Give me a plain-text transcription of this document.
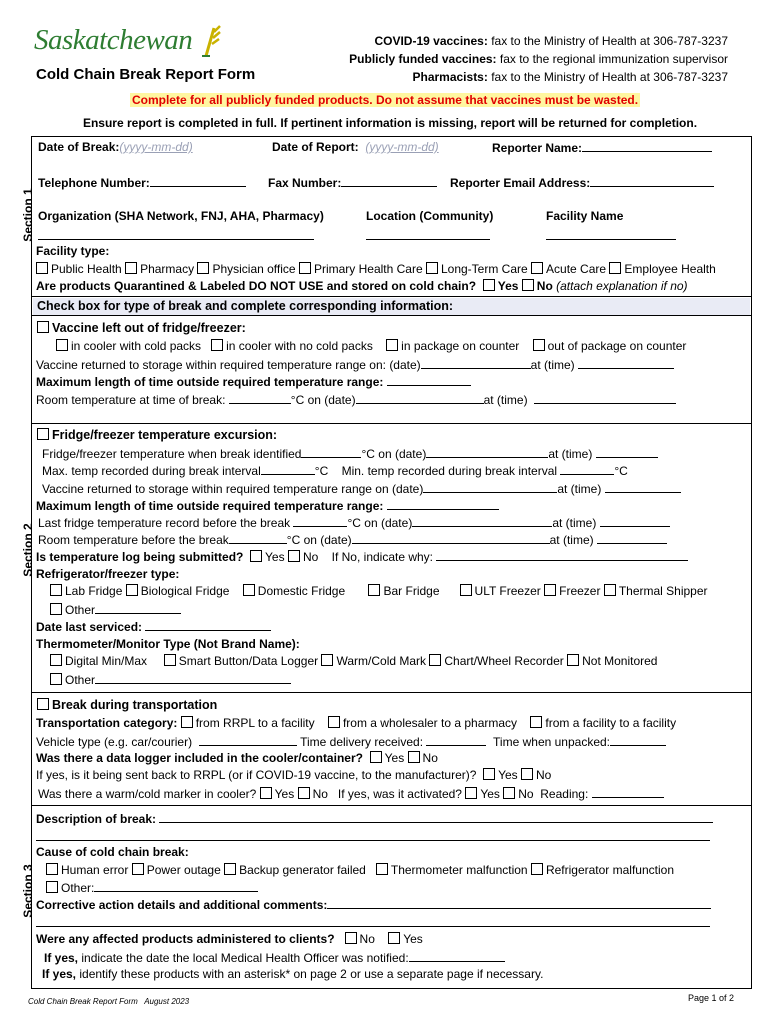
Saskatchewan
Cold Chain Break Report Form
COVID-19 vaccines: fax to the Ministry of Health at 306-787-3237
Publicly funded vaccines: fax to the regional immunization supervisor
Pharmacists: fax to the Ministry of Health at 306-787-3237
Complete for all publicly funded products. Do not assume that vaccines must be wasted.
Ensure report is completed in full. If pertinent information is missing, report will be returned for completion.
Section 1
Section 2
Section 3
Date of Break:(yyyy-mm-dd)	Date of Report: (yyyy-mm-dd)	Reporter Name:
Telephone Number:	Fax Number:	Reporter Email Address:
Organization (SHA Network, FNJ, AHA, Pharmacy)	Location (Community)	Facility Name
Facility type:
Public Health Pharmacy Physician office Primary Health Care Long-Term Care Acute Care Employee Health
Are products Quarantined & Labeled DO NOT USE and stored on cold chain? Yes No (attach explanation if no)
Check box for type of break and complete corresponding information:
Vaccine left out of fridge/freezer:
in cooler with cold packs in cooler with no cold packs in package on counter out of package on counter
Vaccine returned to storage within required temperature range on: (date)	at (time)
Maximum length of time outside required temperature range:
Room temperature at time of break:	°C on (date)	at (time)
Fridge/freezer temperature excursion:
Fridge/freezer temperature when break identified	°C on (date)	at (time)
Max. temp recorded during break interval	°C Min. temp recorded during break interval	°C
Vaccine returned to storage within required temperature range on (date)	at (time)
Maximum length of time outside required temperature range:
Last fridge temperature record before the break	°C on (date)	at (time)
Room temperature before the break	°C on (date)	at (time)
Is temperature log being submitted? Yes No If No, indicate why:
Refrigerator/freezer type:
Lab Fridge Biological Fridge Domestic Fridge	Bar Fridge	ULT Freezer Freezer Thermal Shipper
Other
Date last serviced:
Thermometer/Monitor Type (Not Brand Name):
Digital Min/Max	Smart Button/Data Logger Warm/Cold Mark Chart/Wheel Recorder Not Monitored
Other
Break during transportation
Transportation category: from RRPL to a facility from a wholesaler to a pharmacy from a facility to a facility
Vehicle type (e.g. car/courier)	Time delivery received:	Time when unpacked:
Was there a data logger included in the cooler/container? Yes No
If yes, is it being sent back to RRPL (or if COVID-19 vaccine, to the manufacturer)? Yes No
Was there a warm/cold marker in cooler? Yes No If yes, was it activated? Yes No Reading:
Description of break:
Cause of cold chain break:
Human error Power outage Backup generator failed Thermometer malfunction Refrigerator malfunction
Other:
Corrective action details and additional comments:
Were any affected products administered to clients? No Yes
If yes, indicate the date the local Medical Health Officer was notified:
If yes, identify these products with an asterisk* on page 2 or use a separate page if necessary.
Cold Chain Break Report Form   August 2023	Page 1 of 2
